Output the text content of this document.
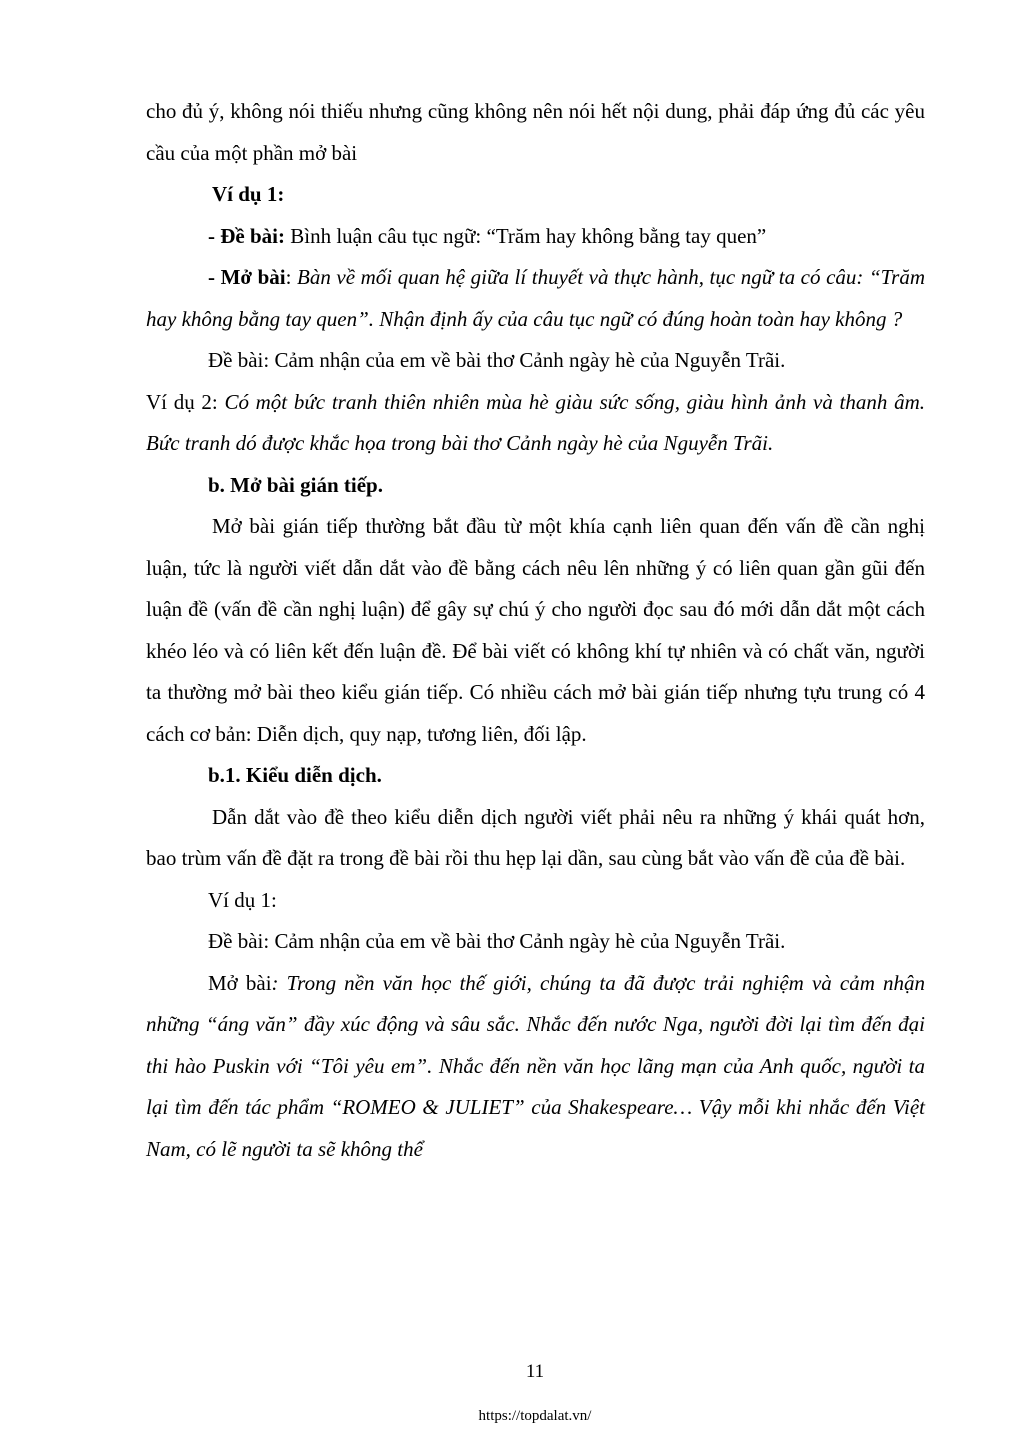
cho đủ ý, không nói thiếu nhưng cũng không nên nói hết nội dung, phải đáp ứng đủ các yêu cầu của một phần mở bài

Ví dụ 1:

- Đề bài: Bình luận câu tục ngữ: “Trăm hay không bằng tay quen”

- Mở bài: Bàn về mối quan hệ giữa lí thuyết và thực hành, tục ngữ ta có câu: “Trăm hay không bằng tay quen”. Nhận định ấy của câu tục ngữ có đúng hoàn toàn hay không ?

Đề bài: Cảm nhận của em về bài thơ Cảnh ngày hè của Nguyễn Trãi.

Ví dụ 2: Có một bức tranh thiên nhiên mùa hè giàu sức sống, giàu hình ảnh và thanh âm. Bức tranh dó được khắc họa trong bài thơ Cảnh ngày hè của Nguyễn Trãi.

b. Mở bài gián tiếp.

Mở bài gián tiếp thường bắt đầu từ một khía cạnh liên quan đến vấn đề cần nghị luận, tức là người viết dẫn dắt vào đề bằng cách nêu lên những ý có liên quan gần gũi đến luận đề (vấn đề cần nghị luận) để gây sự chú ý cho người đọc sau đó mới dẫn dắt một cách khéo léo và có liên kết đến luận đề. Để bài viết có không khí tự nhiên và có chất văn, người ta thường mở bài theo kiểu gián tiếp. Có nhiều cách mở bài gián tiếp nhưng tựu trung có 4 cách cơ bản: Diễn dịch, quy nạp, tương liên, đối lập.

b.1. Kiểu diễn dịch.

Dẫn dắt vào đề theo kiểu diễn dịch người viết phải nêu ra những ý khái quát hơn, bao trùm vấn đề đặt ra trong đề bài rồi thu hẹp lại dần, sau cùng bắt vào vấn đề của đề bài.

Ví dụ 1:

Đề bài: Cảm nhận của em về bài thơ Cảnh ngày hè của Nguyễn Trãi.

Mở bài: Trong nền văn học thế giới, chúng ta đã được trải nghiệm và cảm nhận những “áng văn” đầy xúc động và sâu sắc. Nhắc đến nước Nga, người đời lại tìm đến đại thi hào Puskin với “Tôi yêu em”. Nhắc đến nền văn học lãng mạn của Anh quốc, người ta lại tìm đến tác phẩm “ROMEO & JULIET” của Shakespeare… Vậy mỗi khi nhắc đến Việt Nam, có lẽ người ta sẽ không thể

11
https://topdalat.vn/
